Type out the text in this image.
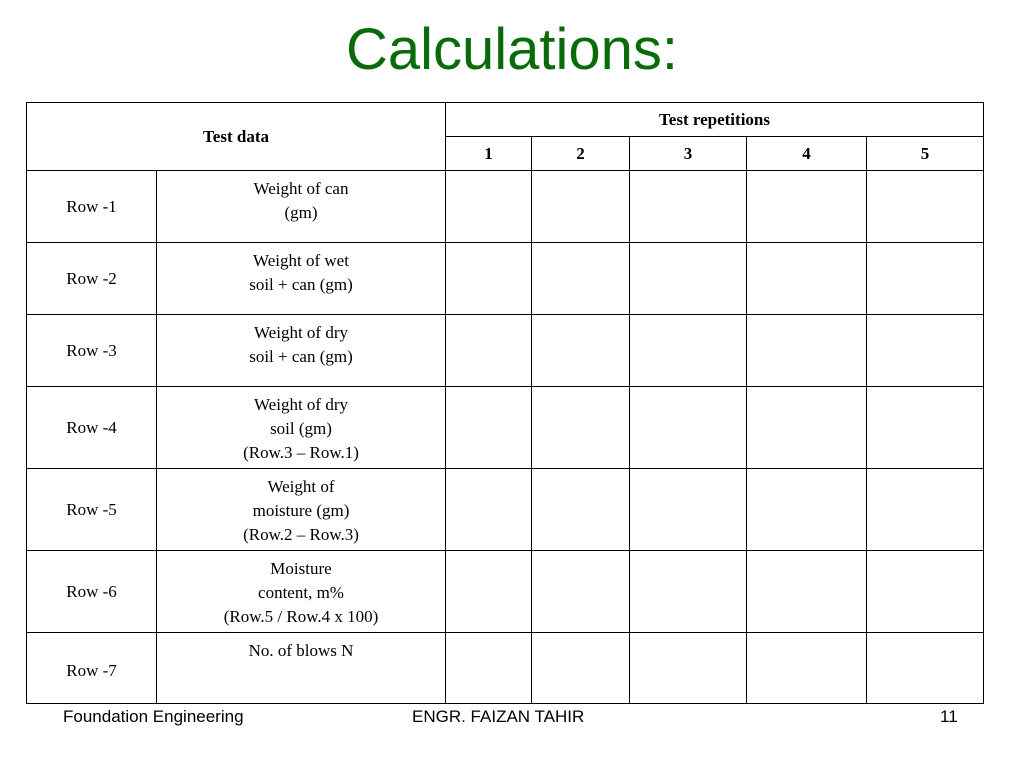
Calculations:
Test data		Test repetitions				
		1	2	3	4	5
Row -1	Weight of can
(gm)					

Row -2	Weight of wet
soil + can (gm)					

Row -3	Weight of dry
soil + can (gm)					

Row -4	Weight of dry
soil (gm)
(Row.3 – Row.1)					

Row -5	Weight of
moisture (gm)
(Row.2 – Row.3)					

Row -6	Moisture
content, m%
(Row.5 / Row.4 x 100)					

Row -7	No. of blows N					

Foundation Engineering	ENGR. FAIZAN TAHIR	11
